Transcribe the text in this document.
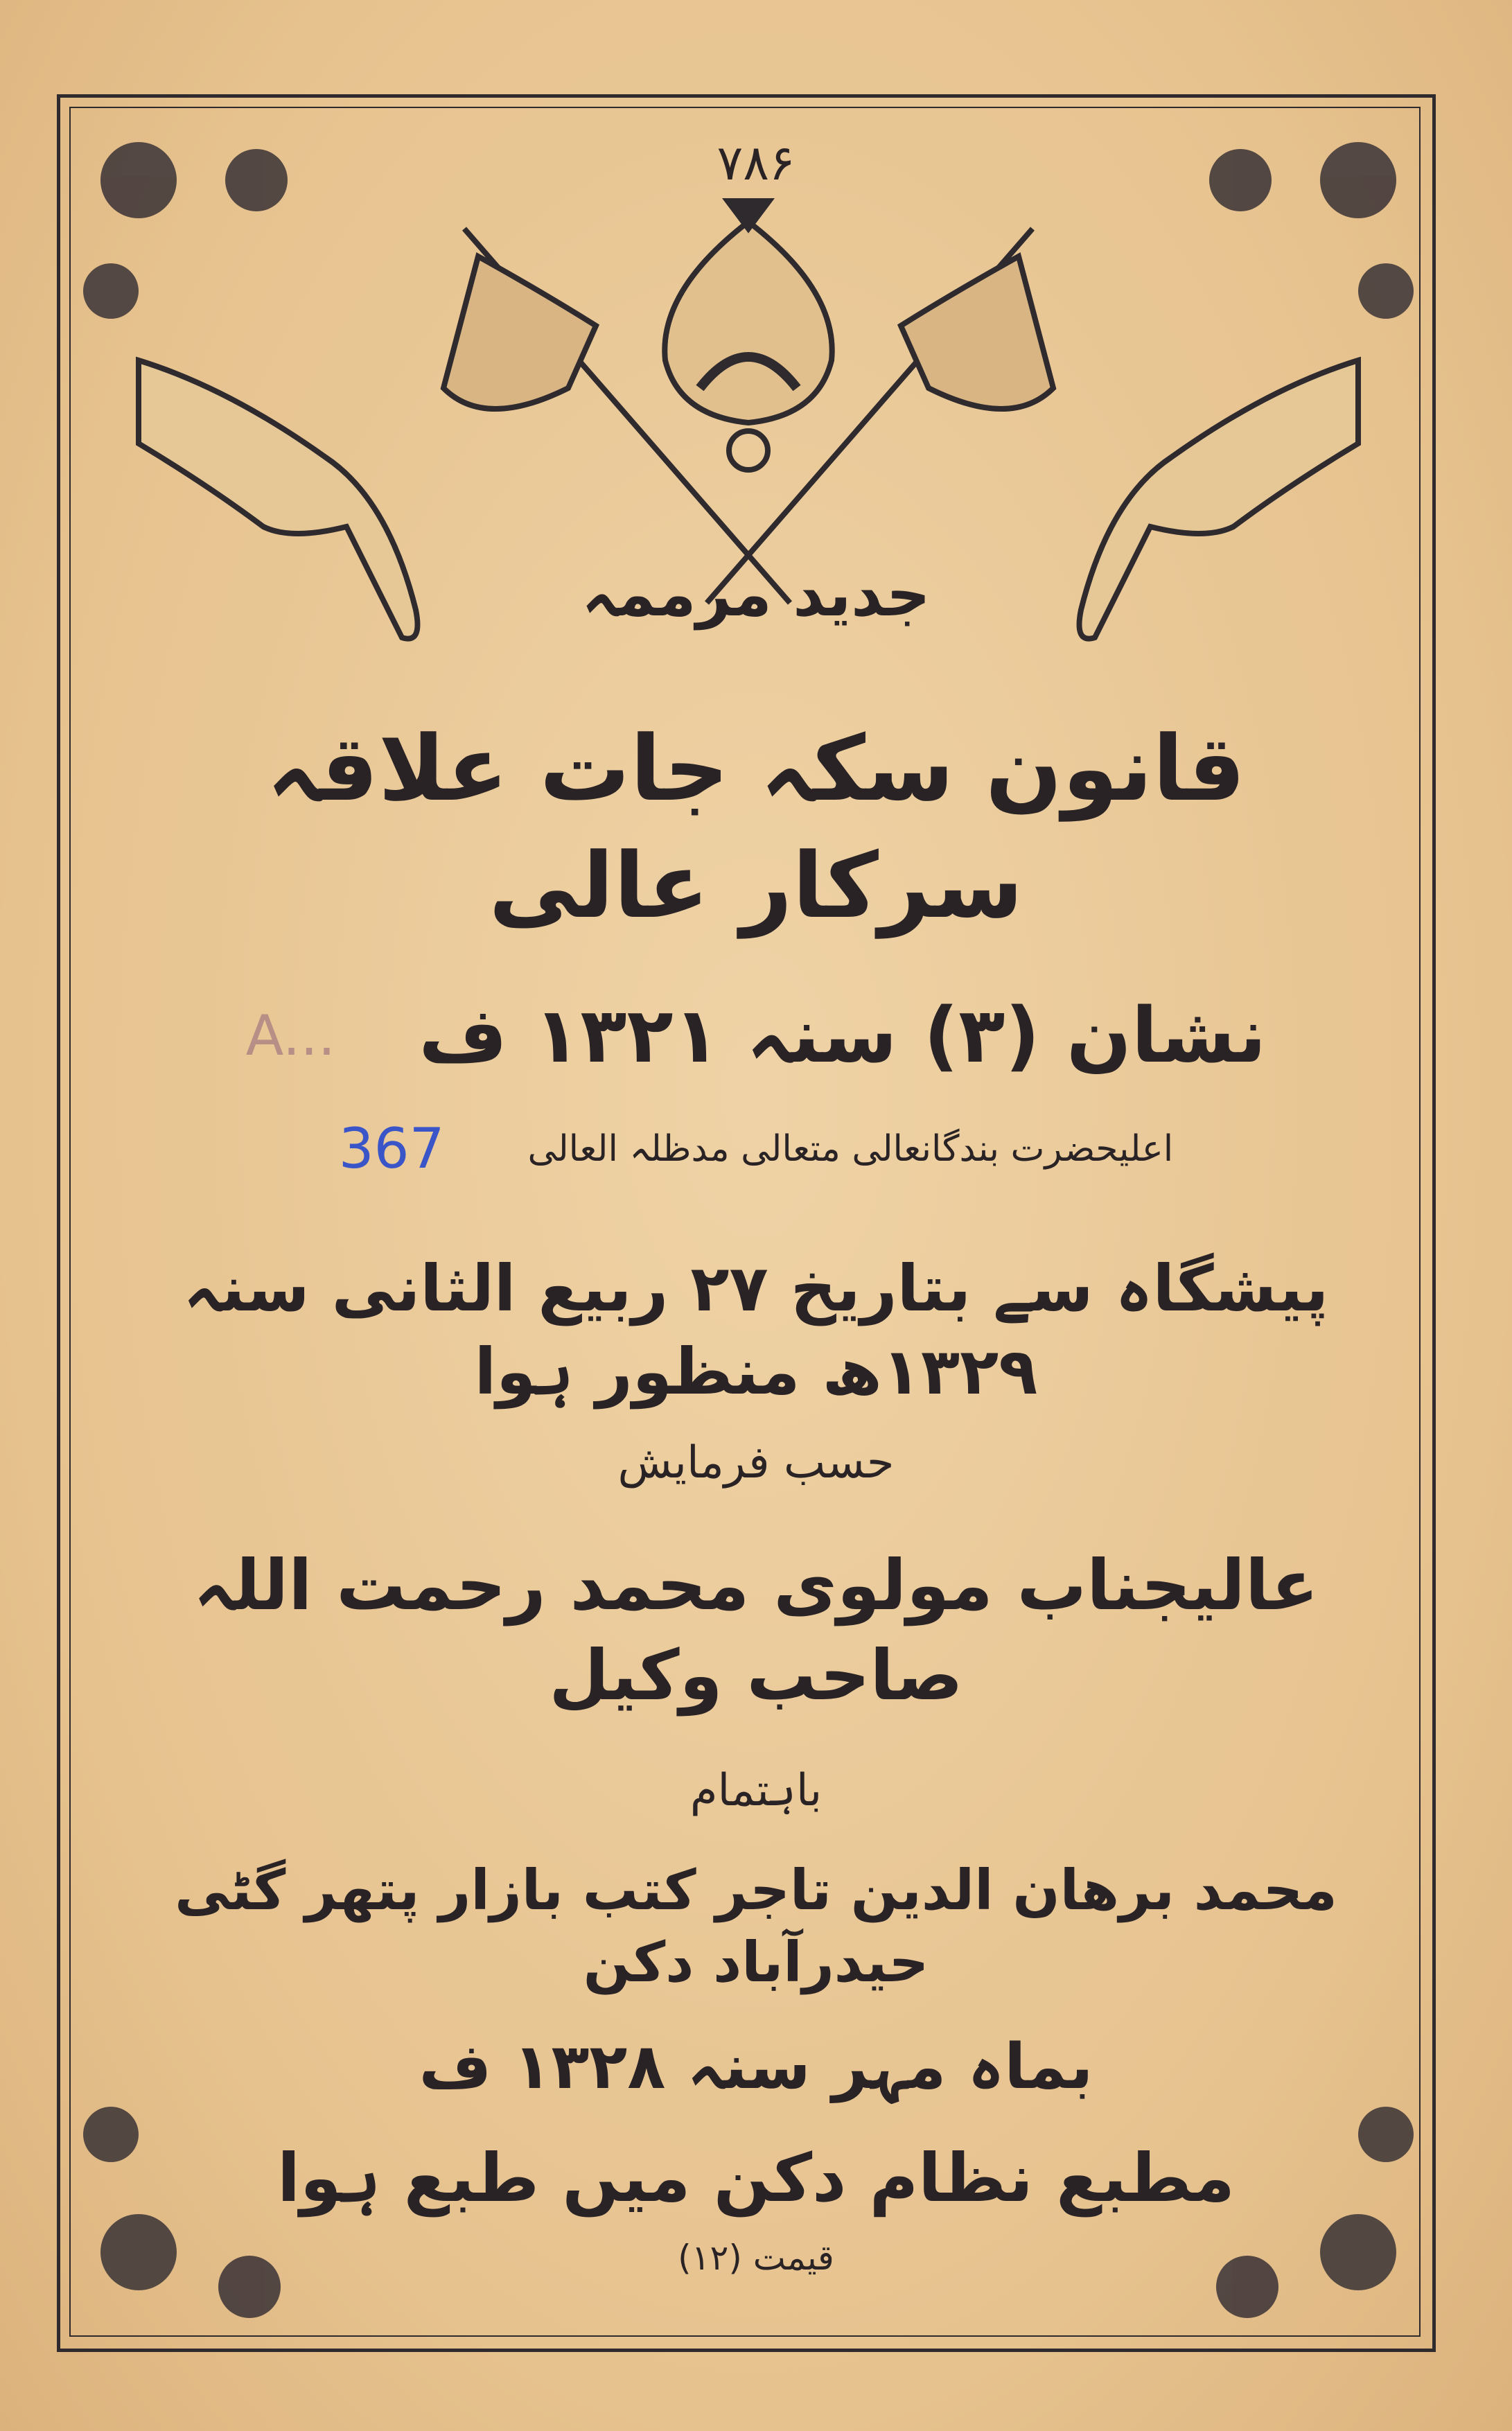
۷۸۶
جدید مرممہ
قانون سکہ جات علاقہ سرکار عالی
A... نشان (۳) سنہ ۱۳۲۱ ف
367 اعلیحضرت بندگانعالی متعالی مدظلہ العالی
پیشگاہ سے بتاریخ ۲۷ ربیع الثانی سنہ ۱۳۲۹ھ منظور ہوا
حسب فرمایش
عالیجناب مولوی محمد رحمت اللہ صاحب وکیل
باہتمام
محمد برھان الدین تاجر کتب بازار پتھر گٹی حیدرآباد دکن
بماہ مہر سنہ ۱۳۲۸ ف
مطبع نظام دکن میں طبع ہوا
قیمت (۱۲)
